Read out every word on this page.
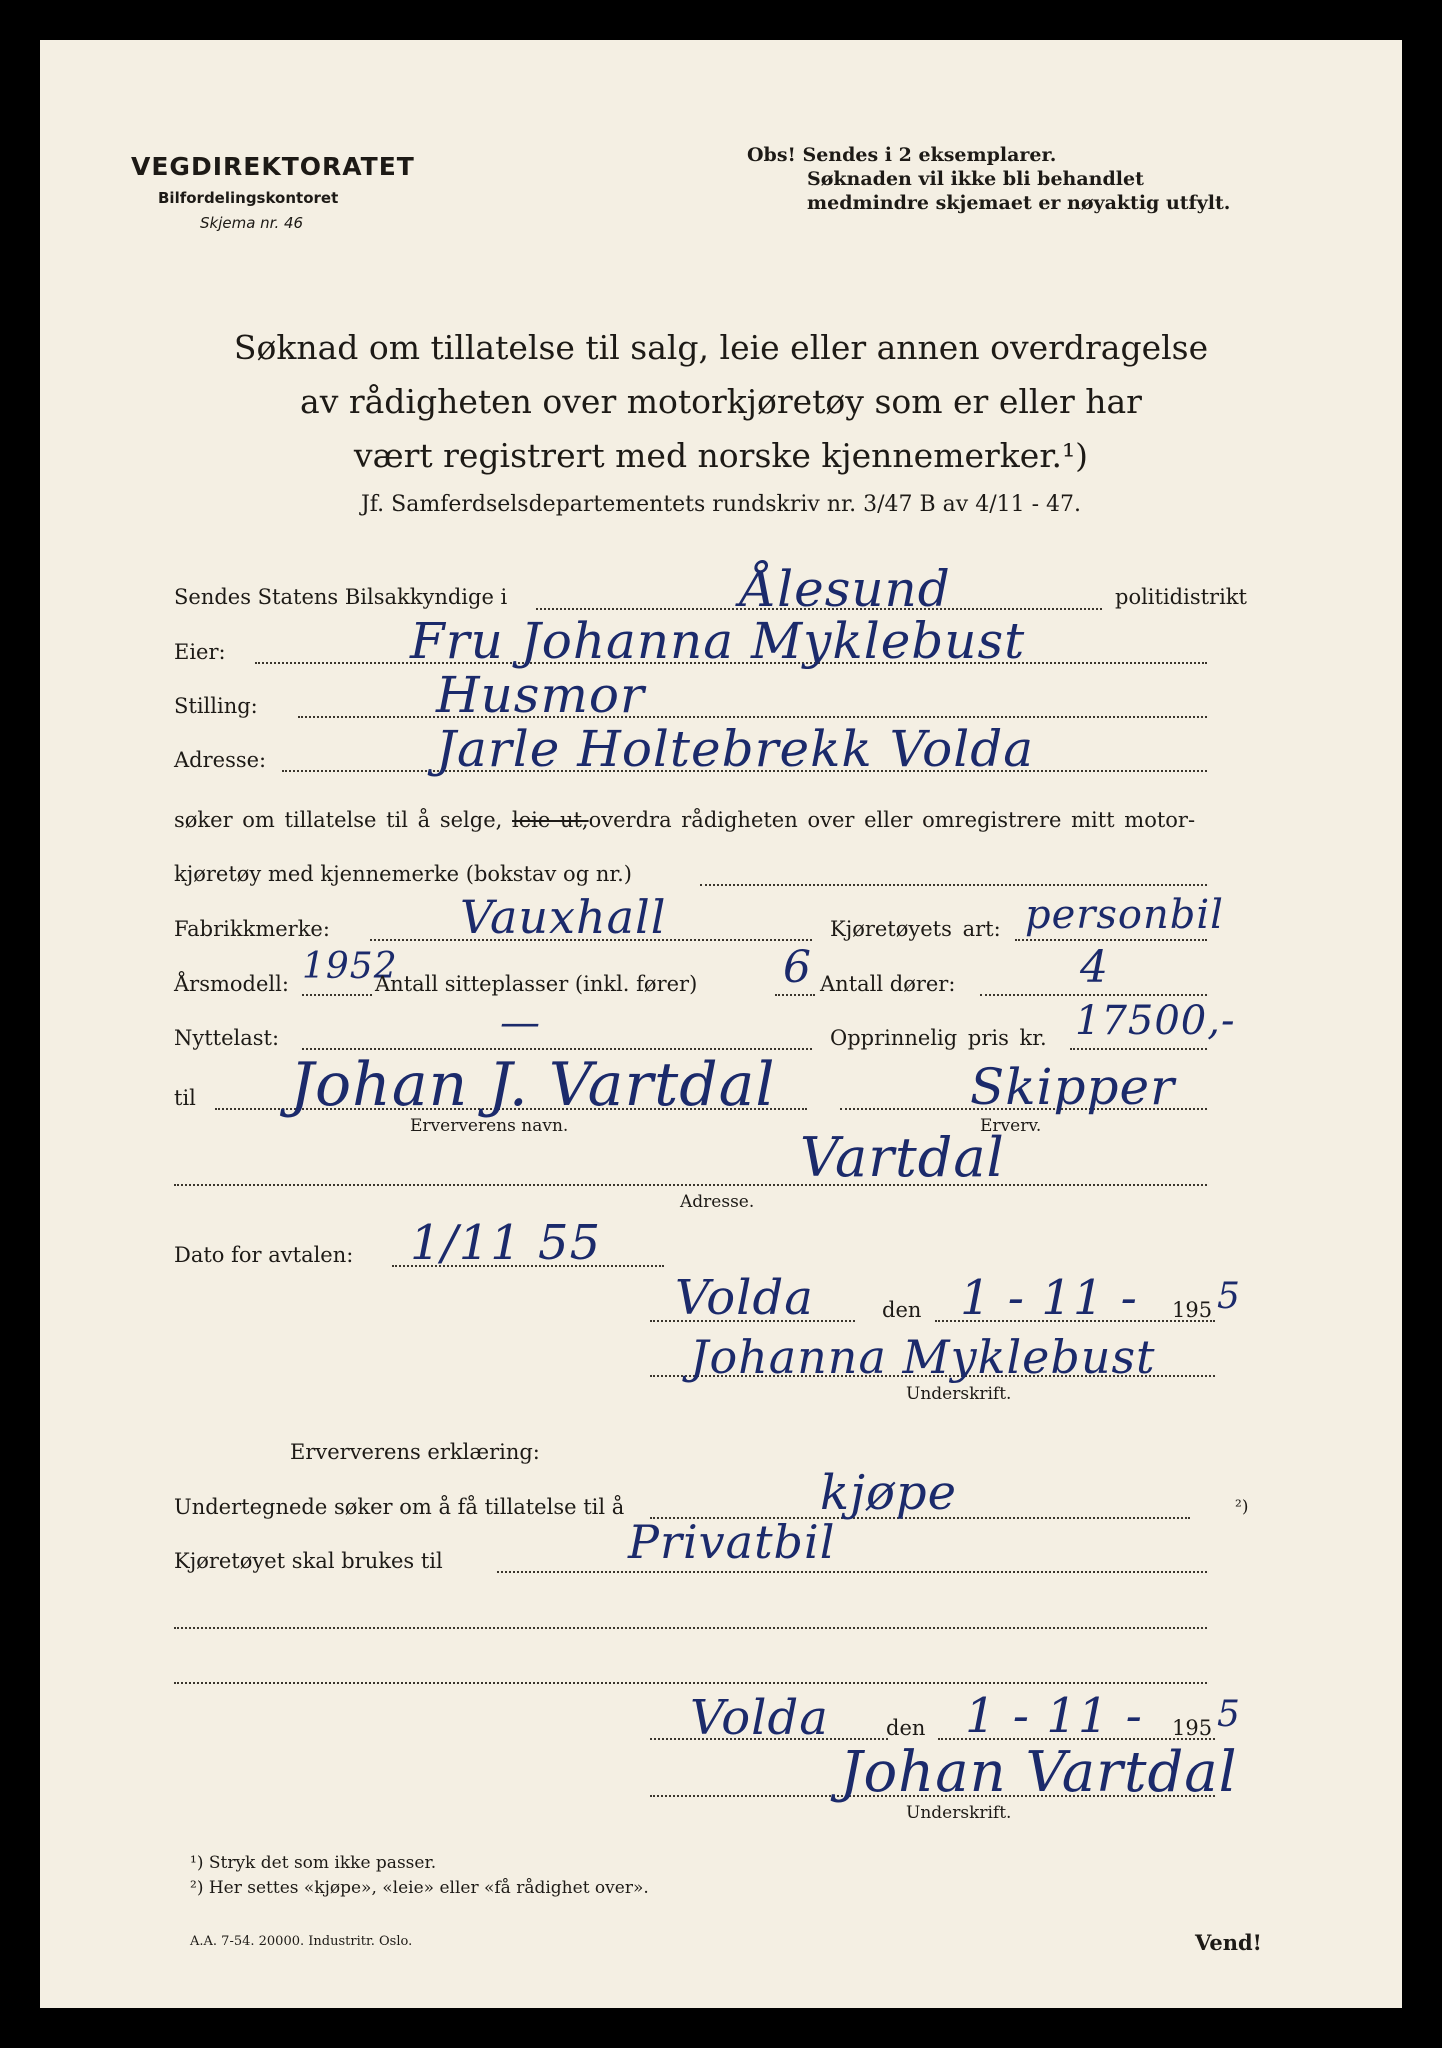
VEGDIREKTORATET
Bilfordelingskontoret
Skjema nr. 46
Obs! Sendes i 2 eksemplarer.
Søknaden vil ikke bli behandlet
medmindre skjemaet er nøyaktig utfylt.
Søknad om tillatelse til salg, leie eller annen overdragelse
av rådigheten over motorkjøretøy som er eller har
vært registrert med norske kjennemerker.¹)
Jf. Samferdselsdepartementets rundskriv nr. 3/47 B av 4/11 - 47.
Sendes Statens Bilsakkyndige i	politidistrikt
Ålesund
Eier:	Fru Johanna Myklebust
Stilling:	Husmor
Adresse:	Jarle Holtebrekk Volda
søker om tillatelse til å selge, leie ut,overdra rådigheten over eller omregistrere mitt motor-
kjøretøy med kjennemerke (bokstav og nr.)
Fabrikkmerke:	Vauxhall	Kjøretøyets art: personbil
Årsmodell: 1952
Antall sitteplasser (inkl. fører) 6 Antall dører:	4
Nyttelast:	—	Opprinnelig pris kr. 17500,-
til Johan J. Vartdal
Erververens navn.
Skipper
Erverv.
Vartdal
Adresse.
Dato for avtalen: 1/11 55
Volda	den 1 - 11 - 195 5
Johanna Myklebust
Underskrift.
Erververens erklæring:
Undertegnede søker om å få tillatelse til å	kjøpe	²)
Kjøretøyet skal brukes til	Privatbil
Volda	den 1 - 11 - 195 5
Johan Vartdal
Underskrift.
¹) Stryk det som ikke passer.
²) Her settes «kjøpe», «leie» eller «få rådighet over».
A.A. 7-54. 20000. Industritr. Oslo.	Vend!
